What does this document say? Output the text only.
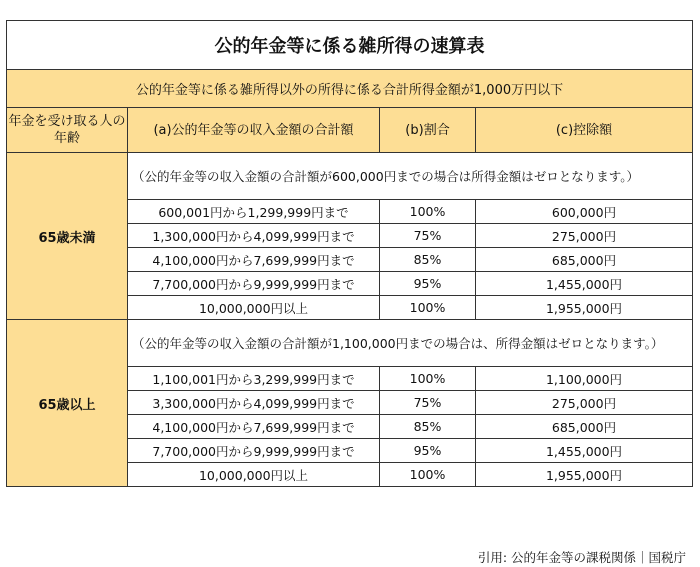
公的年金等に係る雑所得の速算表			
公的年金等に係る雑所得以外の所得に係る合計所得金額が1,000万円以下			
年金を受け取る人の年齢	(a)公的年金等の収入金額の合計額	(b)割合	(c)控除額
65歳未満	（公的年金等の収入金額の合計額が600,000円までの場合は所得金額はゼロとなります。）		
	600,001円から1,299,999円まで	100%	600,000円
	1,300,000円から4,099,999円まで	75%	275,000円
	4,100,000円から7,699,999円まで	85%	685,000円
	7,700,000円から9,999,999円まで	95%	1,455,000円
	10,000,000円以上	100%	1,955,000円
65歳以上	（公的年金等の収入金額の合計額が1,100,000円までの場合は、所得金額はゼロとなります。）		
	1,100,001円から3,299,999円まで	100%	1,100,000円
	3,300,000円から4,099,999円まで	75%	275,000円
	4,100,000円から7,699,999円まで	85%	685,000円
	7,700,000円から9,999,999円まで	95%	1,455,000円
	10,000,000円以上	100%	1,955,000円
引用: 公的年金等の課税関係｜国税庁
